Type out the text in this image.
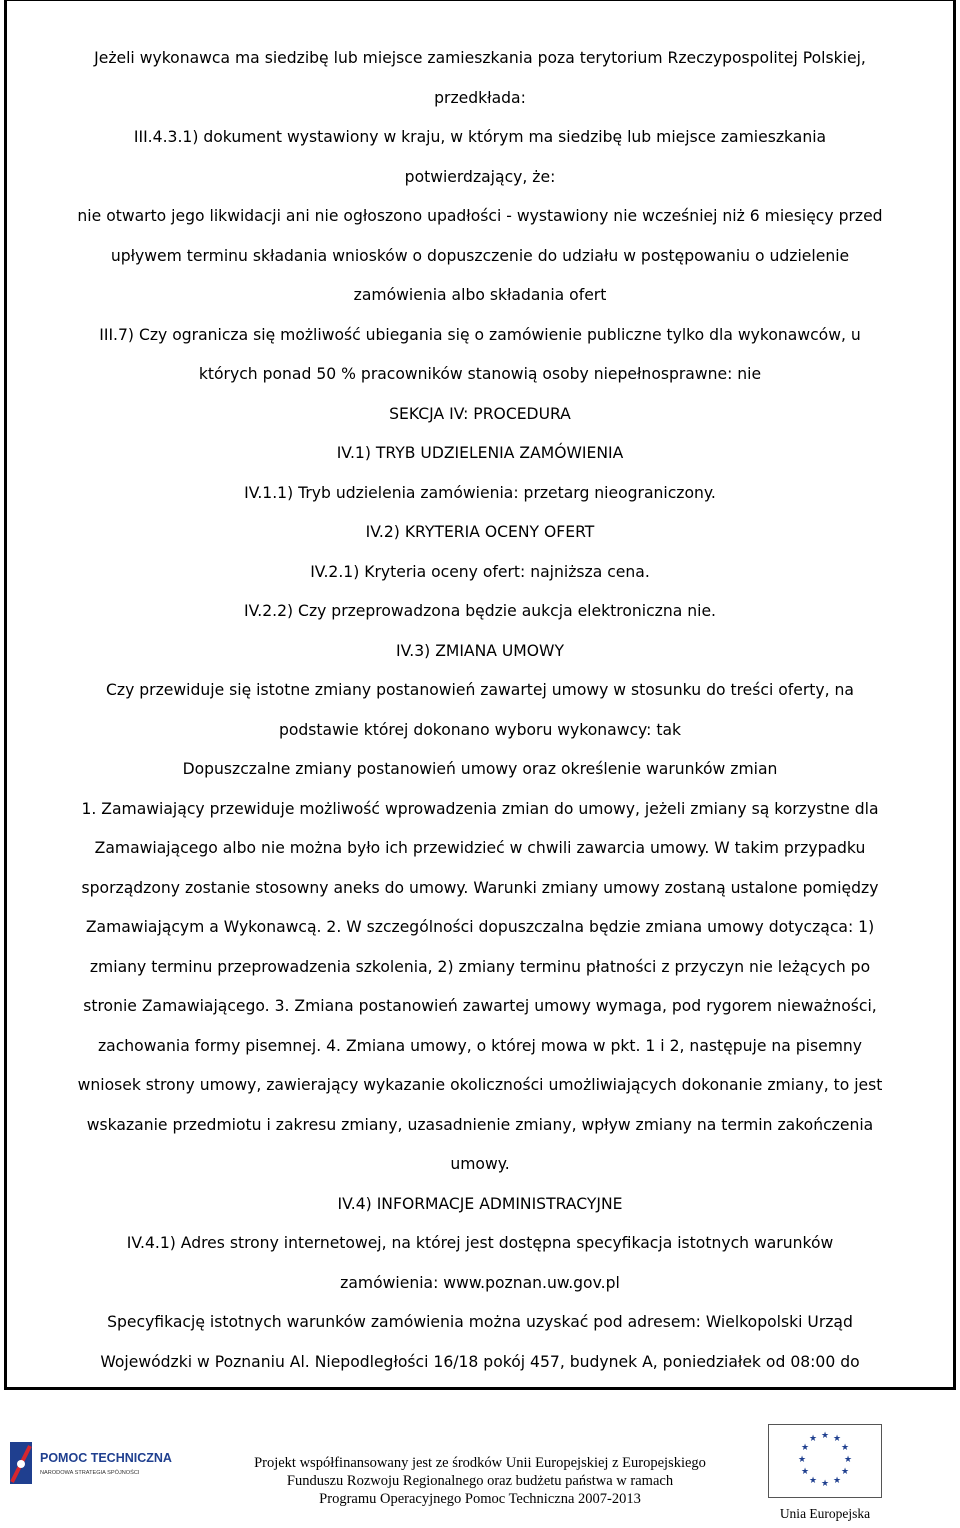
Jeżeli wykonawca ma siedzibę lub miejsce zamieszkania poza terytorium Rzeczypospolitej Polskiej,
przedkłada:
III.4.3.1) dokument wystawiony w kraju, w którym ma siedzibę lub miejsce zamieszkania
potwierdzający, że:
nie otwarto jego likwidacji ani nie ogłoszono upadłości - wystawiony nie wcześniej niż 6 miesięcy przed
upływem terminu składania wniosków o dopuszczenie do udziału w postępowaniu o udzielenie
zamówienia albo składania ofert
III.7) Czy ogranicza się możliwość ubiegania się o zamówienie publiczne tylko dla wykonawców, u
których ponad 50 % pracowników stanowią osoby niepełnosprawne: nie
SEKCJA IV: PROCEDURA
IV.1) TRYB UDZIELENIA ZAMÓWIENIA
IV.1.1) Tryb udzielenia zamówienia: przetarg nieograniczony.
IV.2) KRYTERIA OCENY OFERT
IV.2.1) Kryteria oceny ofert: najniższa cena.
IV.2.2) Czy przeprowadzona będzie aukcja elektroniczna nie.
IV.3) ZMIANA UMOWY
Czy przewiduje się istotne zmiany postanowień zawartej umowy w stosunku do treści oferty, na
podstawie której dokonano wyboru wykonawcy: tak
Dopuszczalne zmiany postanowień umowy oraz określenie warunków zmian
1. Zamawiający przewiduje możliwość wprowadzenia zmian do umowy, jeżeli zmiany są korzystne dla
Zamawiającego albo nie można było ich przewidzieć w chwili zawarcia umowy. W takim przypadku
sporządzony zostanie stosowny aneks do umowy. Warunki zmiany umowy zostaną ustalone pomiędzy
Zamawiającym a Wykonawcą. 2. W szczególności dopuszczalna będzie zmiana umowy dotycząca: 1)
zmiany terminu przeprowadzenia szkolenia, 2) zmiany terminu płatności z przyczyn nie leżących po
stronie Zamawiającego. 3. Zmiana postanowień zawartej umowy wymaga, pod rygorem nieważności,
zachowania formy pisemnej. 4. Zmiana umowy, o której mowa w pkt. 1 i 2, następuje na pisemny
wniosek strony umowy, zawierający wykazanie okoliczności umożliwiających dokonanie zmiany, to jest
wskazanie przedmiotu i zakresu zmiany, uzasadnienie zmiany, wpływ zmiany na termin zakończenia
umowy.
IV.4) INFORMACJE ADMINISTRACYJNE
IV.4.1) Adres strony internetowej, na której jest dostępna specyfikacja istotnych warunków
zamówienia: www.poznan.uw.gov.pl
Specyfikację istotnych warunków zamówienia można uzyskać pod adresem: Wielkopolski Urząd
Wojewódzki w Poznaniu Al. Niepodległości 16/18 pokój 457, budynek A, poniedziałek od 08:00 do
POMOC TECHNICZNA
NARODOWA STRATEGIA SPÓJNOŚCI
Projekt współfinansowany jest ze środków Unii Europejskiej z Europejskiego
Funduszu Rozwoju Regionalnego oraz budżetu państwa w ramach
Programu Operacyjnego Pomoc Techniczna 2007-2013
★ ★
★
★
★
★
★
★
★
★
★
★
Unia Europejska
